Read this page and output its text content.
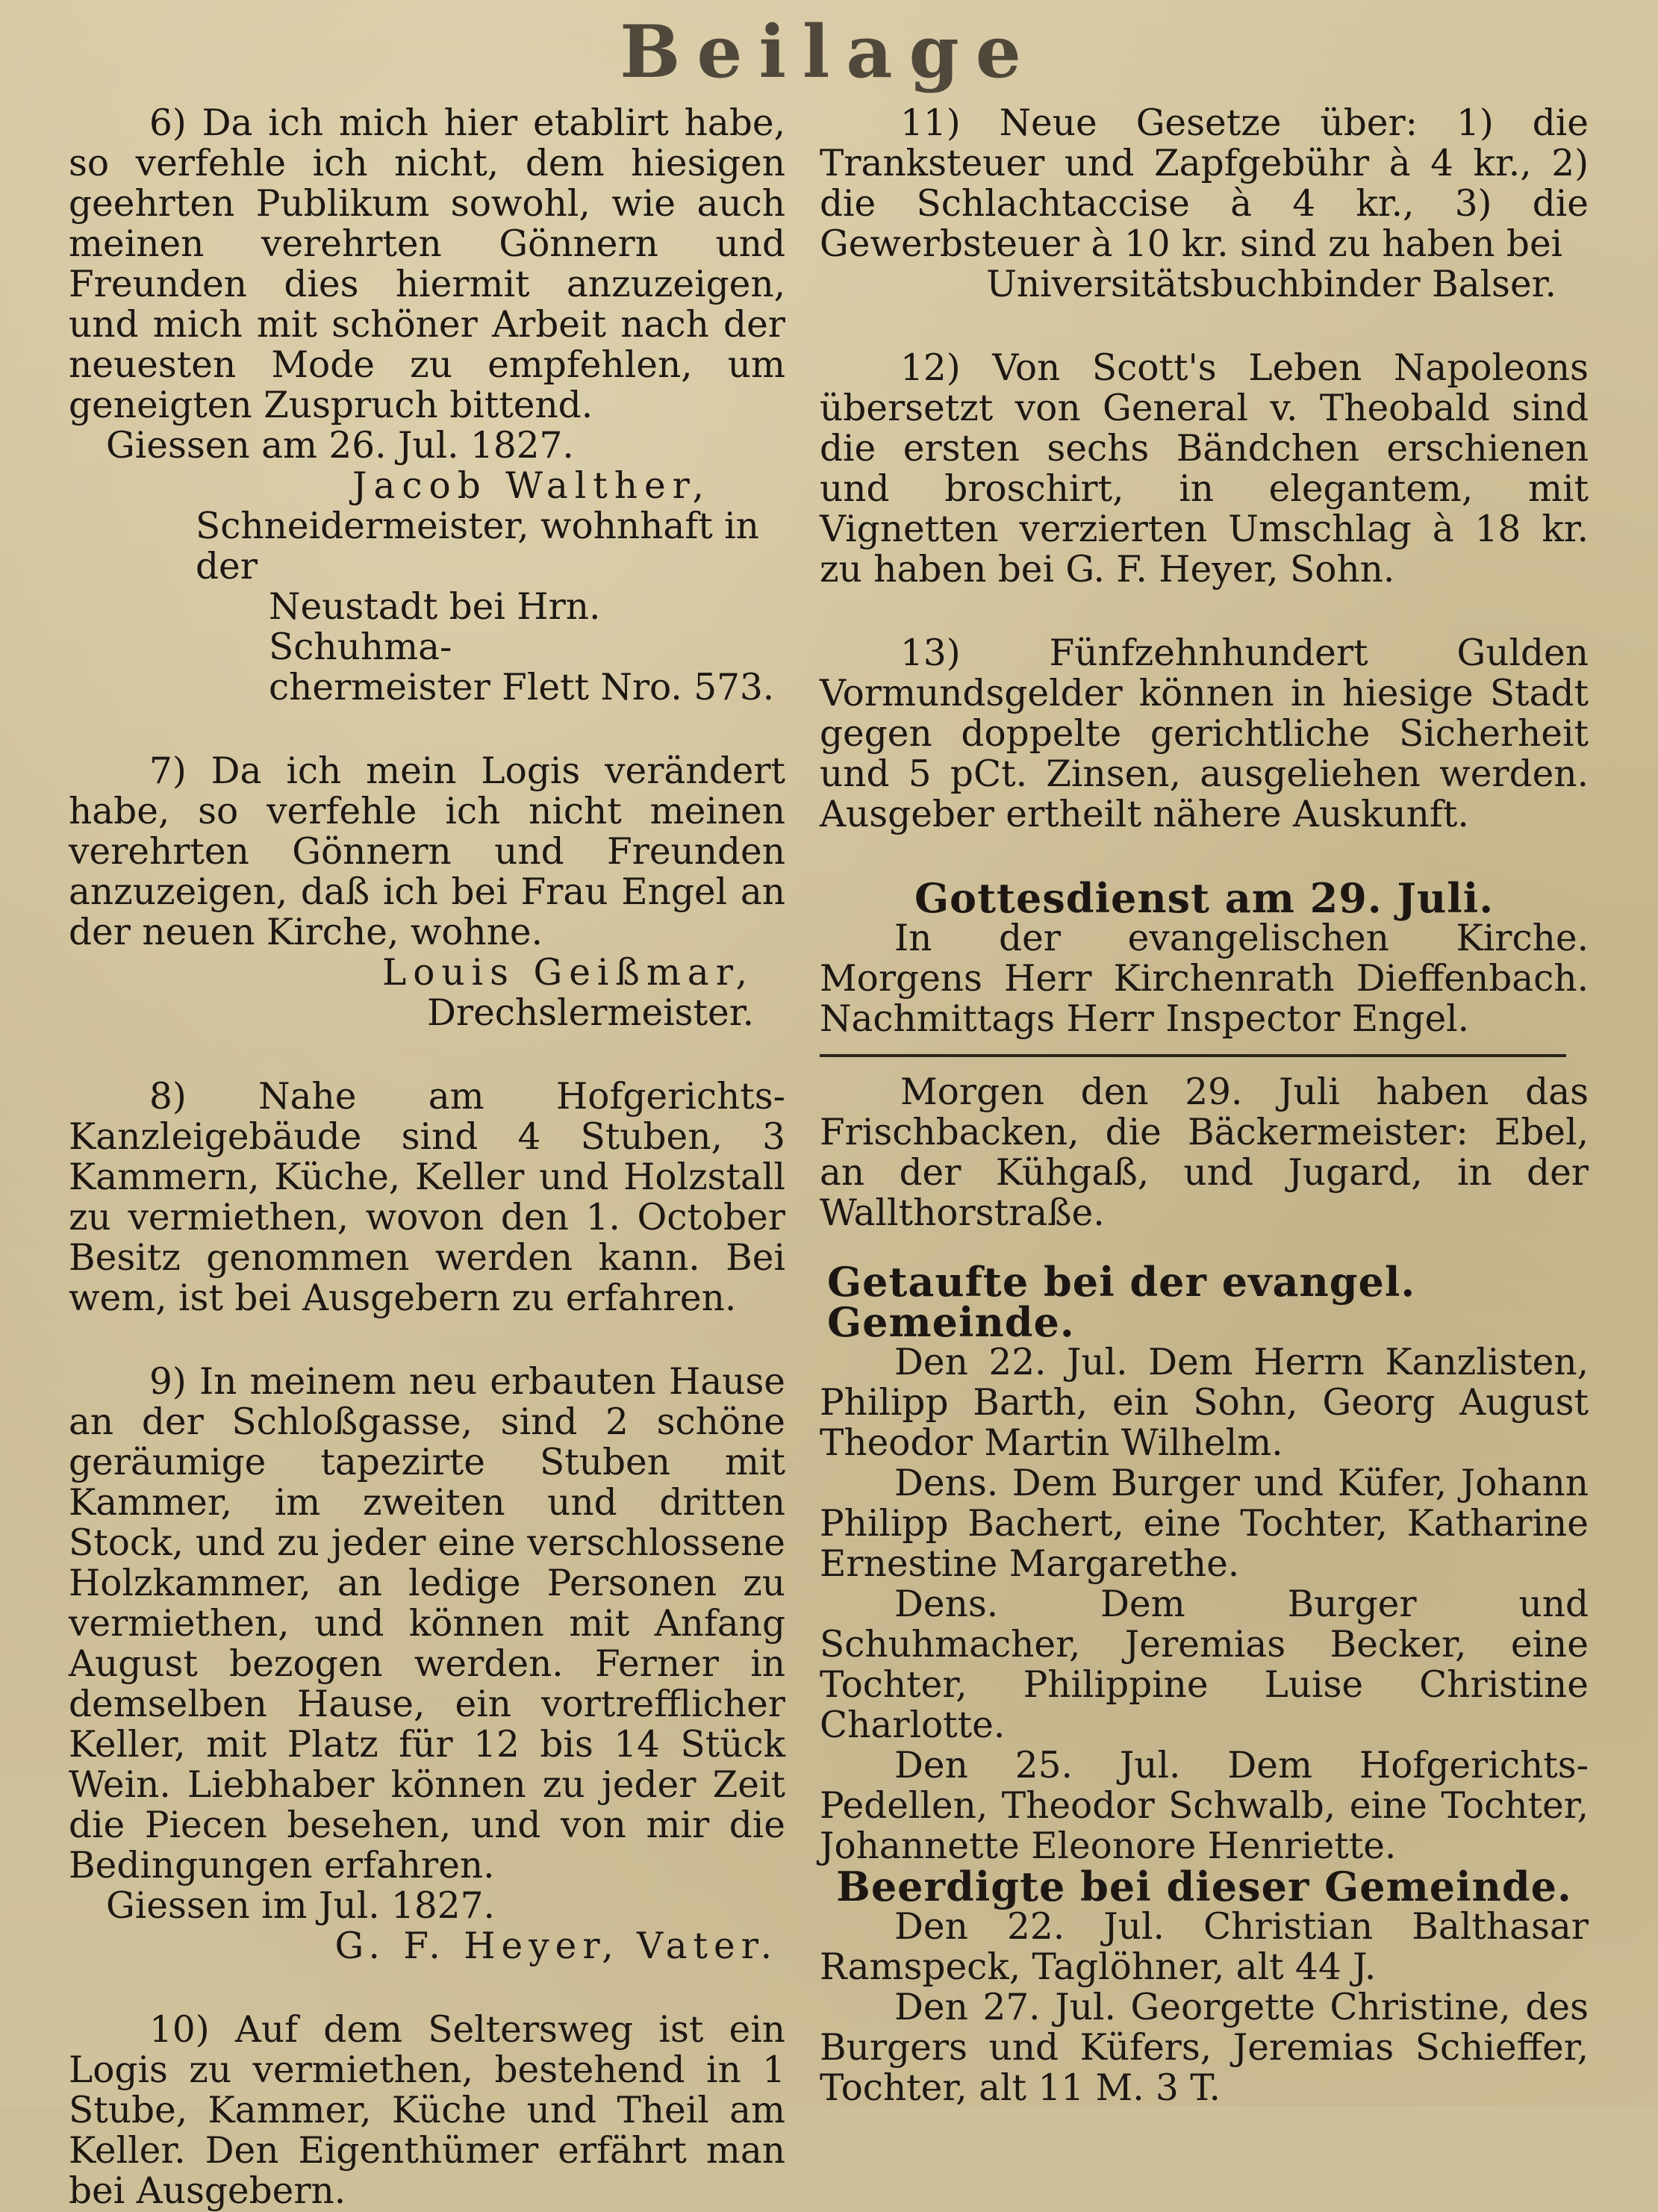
Beilage

6) Da ich mich hier etablirt habe, so verfehle ich nicht, dem hiesigen geehrten Publikum sowohl, wie auch meinen verehrten Gönnern und Freunden dies hiermit anzuzeigen, und mich mit schöner Arbeit nach der neuesten Mode zu empfehlen, um geneigten Zuspruch bittend.

Giessen am 26. Jul. 1827.

Jacob Walther,

Schneidermeister, wohnhaft in der

Neustadt bei Hrn. Schuhma-

chermeister Flett Nro. 573.

7) Da ich mein Logis verändert habe, so verfehle ich nicht meinen verehrten Gönnern und Freunden anzuzeigen, daß ich bei Frau Engel an der neuen Kirche, wohne.

Louis Geißmar,

Drechslermeister.

8) Nahe am Hofgerichts-Kanzleigebäude sind 4 Stuben, 3 Kammern, Küche, Keller und Holzstall zu vermiethen, wovon den 1. October Besitz genommen werden kann. Bei wem, ist bei Ausgebern zu erfahren.

9) In meinem neu erbauten Hause an der Schloßgasse, sind 2 schöne geräumige tapezirte Stuben mit Kammer, im zweiten und dritten Stock, und zu jeder eine verschlossene Holzkammer, an ledige Personen zu vermiethen, und können mit Anfang August bezogen werden. Ferner in demselben Hause, ein vortrefflicher Keller, mit Platz für 12 bis 14 Stück Wein. Liebhaber können zu jeder Zeit die Piecen besehen, und von mir die Bedingungen erfahren.

Giessen im Jul. 1827.

G. F. Heyer, Vater.

10) Auf dem Seltersweg ist ein Logis zu vermiethen, bestehend in 1 Stube, Kammer, Küche und Theil am Keller. Den Eigenthümer erfährt man bei Ausgebern.

11) Neue Gesetze über: 1) die Tranksteuer und Zapfgebühr à 4 kr., 2) die Schlachtaccise à 4 kr., 3) die Gewerbsteuer à 10 kr. sind zu haben bei

Universitätsbuchbinder Balser.

12) Von Scott's Leben Napoleons übersetzt von General v. Theobald sind die ersten sechs Bändchen erschienen und broschirt, in elegantem, mit Vignetten verzierten Umschlag à 18 kr. zu haben bei G. F. Heyer, Sohn.

13) Fünfzehnhundert Gulden Vormundsgelder können in hiesige Stadt gegen doppelte gerichtliche Sicherheit und 5 pCt. Zinsen, ausgeliehen werden. Ausgeber ertheilt nähere Auskunft.

Gottesdienst am 29. Juli.

In der evangelischen Kirche. Morgens Herr Kirchenrath Dieffenbach. Nachmittags Herr Inspector Engel.

Morgen den 29. Juli haben das Frischbacken, die Bäckermeister: Ebel, an der Kühgaß, und Jugard, in der Wallthorstraße.

Getaufte bei der evangel. Gemeinde.

Den 22. Jul. Dem Herrn Kanzlisten, Philipp Barth, ein Sohn, Georg August Theodor Martin Wilhelm.

Dens. Dem Burger und Küfer, Johann Philipp Bachert, eine Tochter, Katharine Ernestine Margarethe.

Dens. Dem Burger und Schuhmacher, Jeremias Becker, eine Tochter, Philippine Luise Christine Charlotte.

Den 25. Jul. Dem Hofgerichts-Pedellen, Theodor Schwalb, eine Tochter, Johannette Eleonore Henriette.

Beerdigte bei dieser Gemeinde.

Den 22. Jul. Christian Balthasar Ramspeck, Taglöhner, alt 44 J.

Den 27. Jul. Georgette Christine, des Burgers und Küfers, Jeremias Schieffer, Tochter, alt 11 M. 3 T.
